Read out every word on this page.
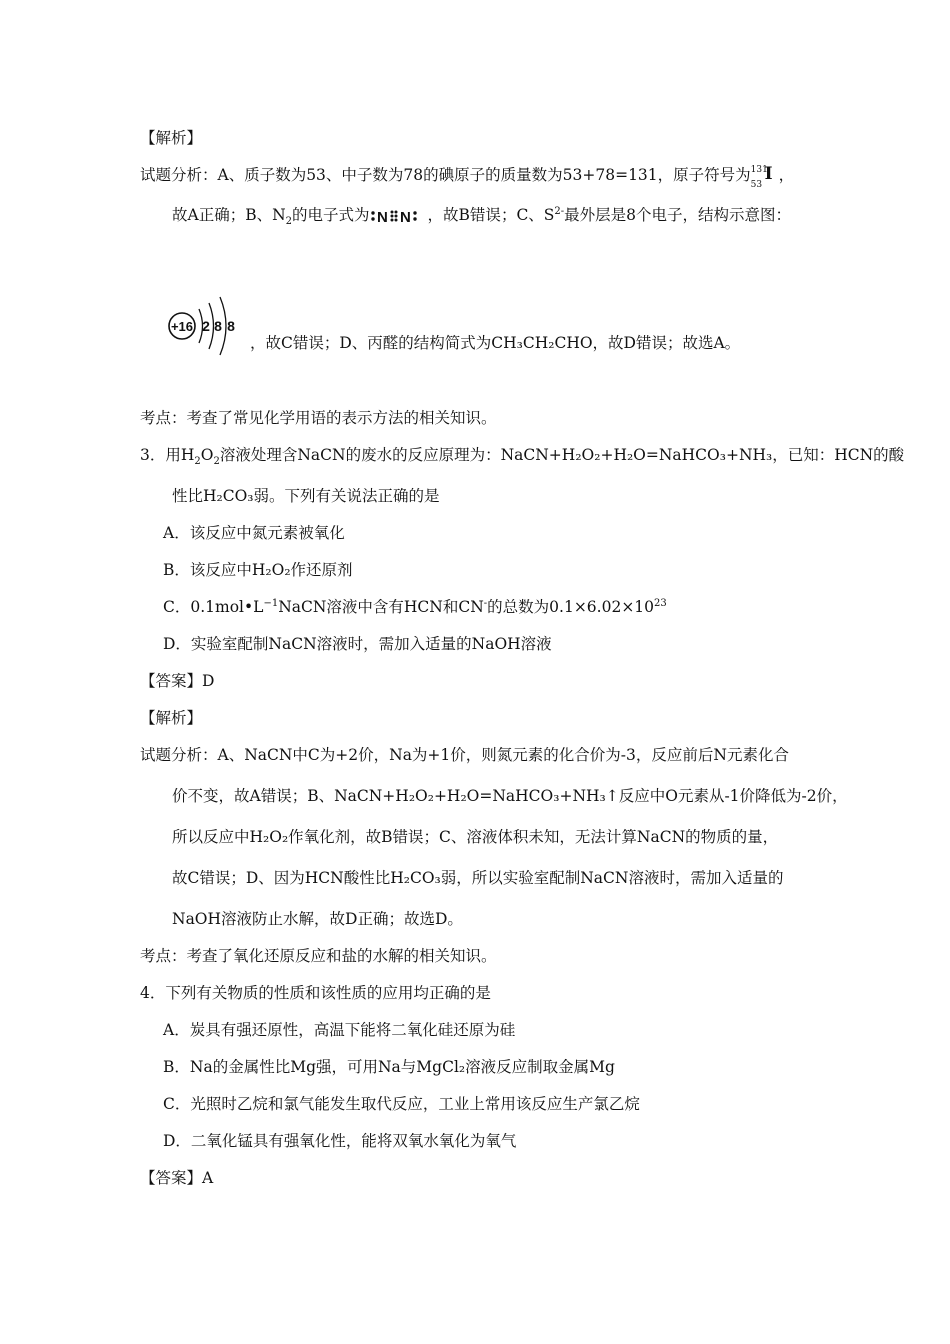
【解析】
试题分析：A、质子数为53、中子数为78的碘原子的质量数为53+78=131，原子符号为 131
53
I ，
故A正确；B、$N_2$的电子式为 N N ，故B错误；C、$S^{2-}$最外层是8个电子，结构示意图：
+16 2 8 8
，故C错误；D、丙醛的结构简式为CH₃CH₂CHO，故D错误；故选A。
考点：考查了常见化学用语的表示方法的相关知识。
3．用$H_2O_2$溶液处理含NaCN的废水的反应原理为：NaCN+H₂O₂+H₂O=NaHCO₃+NH₃，已知：HCN的酸
性比H₂CO₃弱。下列有关说法正确的是
A．该反应中氮元素被氧化
B．该反应中H₂O₂作还原剂
C．$0.1mol•L^{-1}NaCN$溶液中含有HCN和CN-的总数为$0.1\times 6.02\times 10^{23}$
D．实验室配制NaCN溶液时，需加入适量的NaOH溶液
【答案】D
【解析】
试题分析：A、NaCN中C为+2价，Na为+1价，则氮元素的化合价为-3，反应前后N元素化合
价不变，故A错误；B、NaCN+H₂O₂+H₂O=NaHCO₃+NH₃↑反应中O元素从-1价降低为-2价，
所以反应中H₂O₂作氧化剂，故B错误；C、溶液体积未知，无法计算NaCN的物质的量，
故C错误；D、因为HCN酸性比H₂CO₃弱，所以实验室配制NaCN溶液时，需加入适量的
NaOH溶液防止水解，故D正确；故选D。
考点：考查了氧化还原反应和盐的水解的相关知识。
4．下列有关物质的性质和该性质的应用均正确的是
A．炭具有强还原性，高温下能将二氧化硅还原为硅
B．Na的金属性比Mg强，可用Na与MgCl₂溶液反应制取金属Mg
C．光照时乙烷和氯气能发生取代反应，工业上常用该反应生产氯乙烷
D．二氧化锰具有强氧化性，能将双氧水氧化为氧气
【答案】A
